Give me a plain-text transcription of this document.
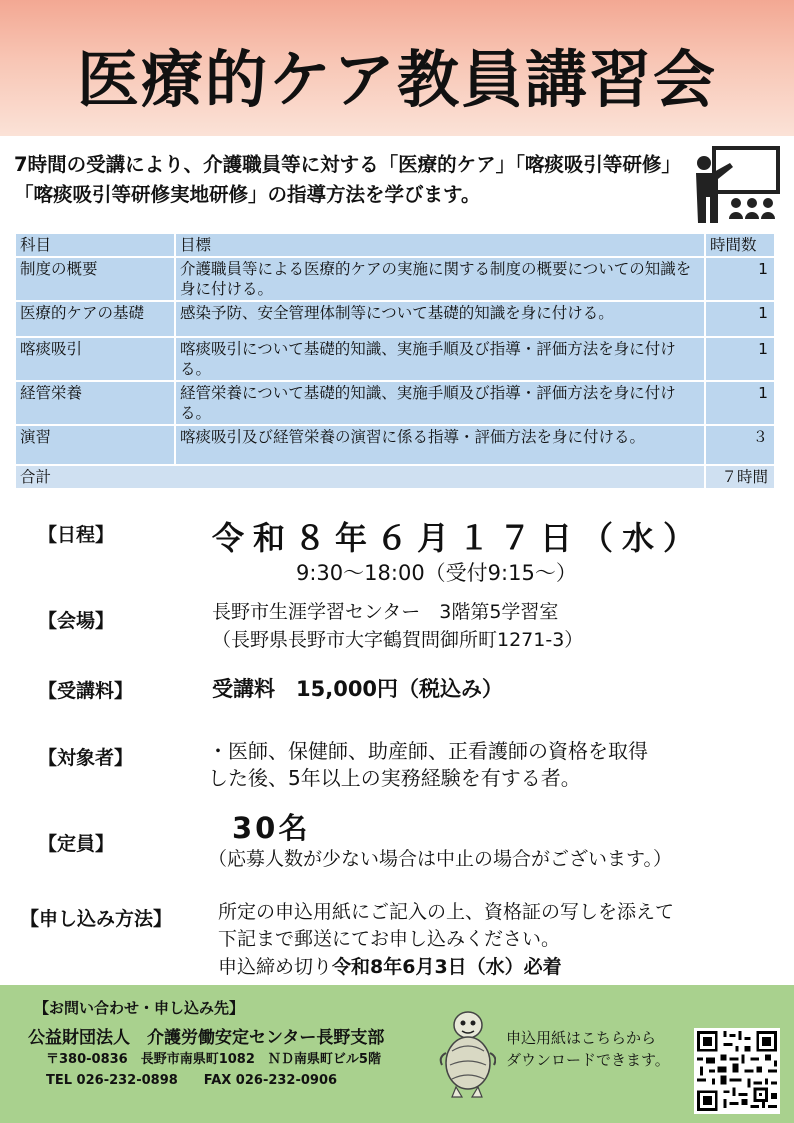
医療的ケア教員講習会
7時間の受講により、介護職員等に対する「医療的ケア」「喀痰吸引等研修」「喀痰吸引等研修実地研修」の指導方法を学びます。
科目	目標	時間数
制度の概要	介護職員等による医療的ケアの実施に関する制度の概要についての知識を身に付ける。	1
医療的ケアの基礎	感染予防、安全管理体制等について基礎的知識を身に付ける。	1
喀痰吸引	喀痰吸引について基礎的知識、実施手順及び指導・評価方法を身に付ける。	1
経管栄養	経管栄養について基礎的知識、実施手順及び指導・評価方法を身に付ける。	1
演習	喀痰吸引及び経管栄養の演習に係る指導・評価方法を身に付ける。	３
合計		７時間
【日程】	令和８年６月１７日（水）
9:30〜18:00（受付9:15〜）
【会場】	長野市生涯学習センター　3階第5学習室
（長野県長野市大字鶴賀問御所町1271-3）
【受講料】	受講料　15,000円（税込み）
【対象者】	・医師、保健師、助産師、正看護師の資格を取得
した後、5年以上の実務経験を有する者。
【定員】	30名
（応募人数が少ない場合は中止の場合がございます。）
【申し込み方法】 所定の申込用紙にご記入の上、資格証の写しを添えて
下記まで郵送にてお申し込みください。
申込締め切り令和8年6月3日（水）必着
【お問い合わせ・申し込み先】
公益財団法人　介護労働安定センター長野支部
〒380-0836　長野市南県町1082　ＮＤ南県町ビル5階
TEL 026-232-0898　　FAX 026-232-0906
申込用紙はこちらから
ダウンロードできます。
